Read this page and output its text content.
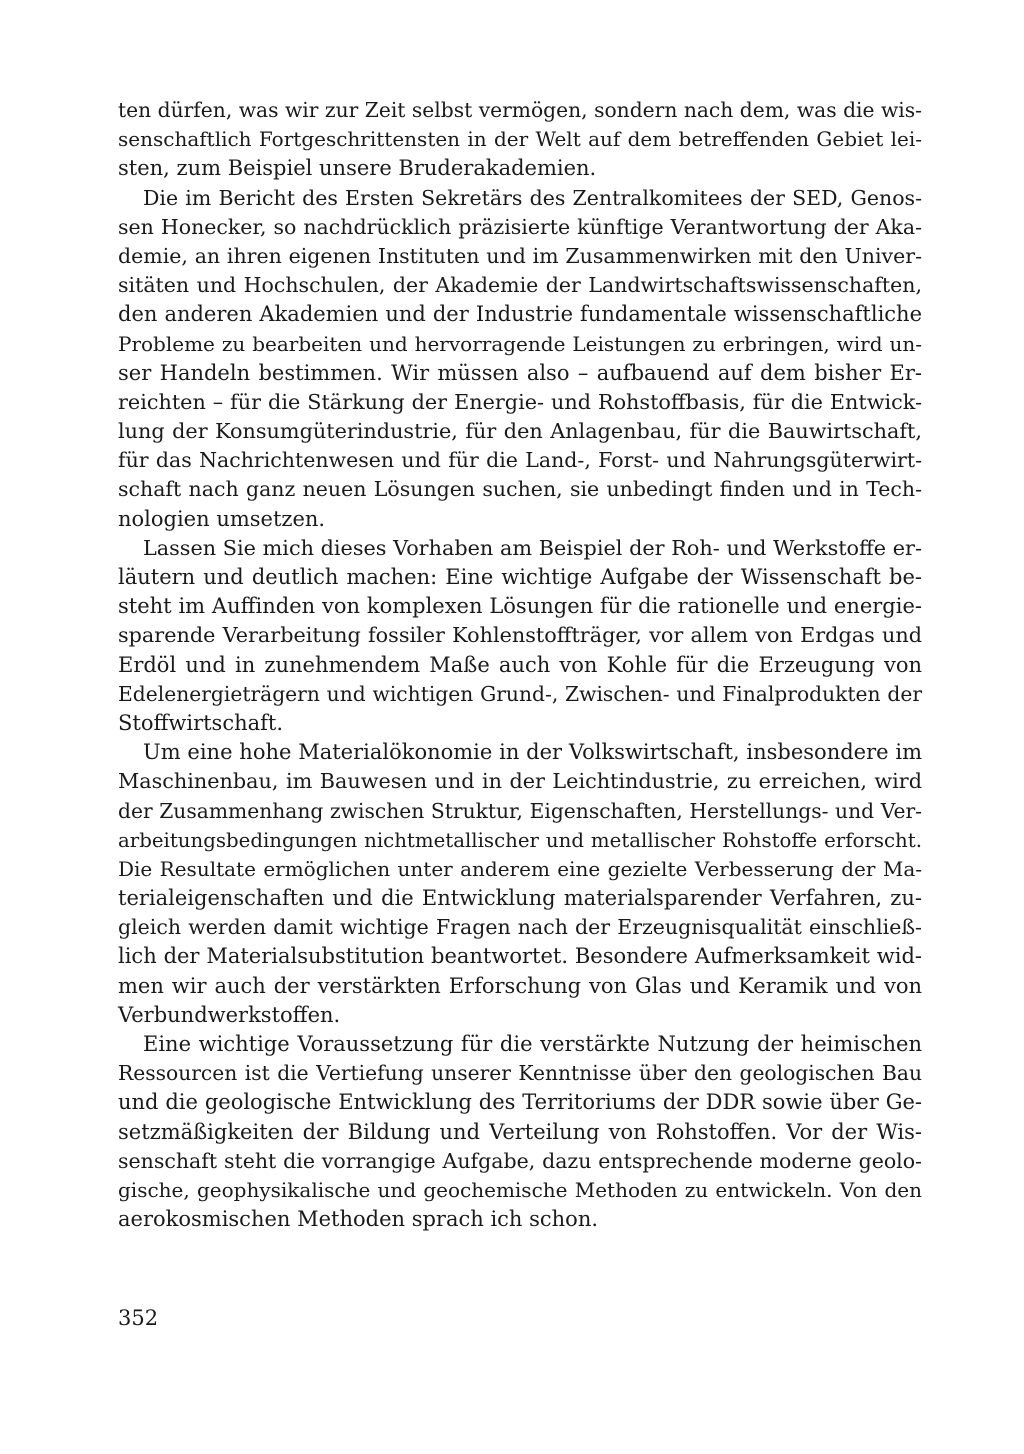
ten dürfen, was wir zur Zeit selbst vermögen, sondern nach dem, was die wis-
senschaftlich Fortgeschrittensten in der Welt auf dem betreffenden Gebiet lei-
sten, zum Beispiel unsere Bruderakademien.
Die im Bericht des Ersten Sekretärs des Zentralkomitees der SED, Genos-
sen Honecker, so nachdrücklich präzisierte künftige Verantwortung der Aka-
demie, an ihren eigenen Instituten und im Zusammenwirken mit den Univer-
sitäten und Hochschulen, der Akademie der Landwirtschaftswissenschaften,
den anderen Akademien und der Industrie fundamentale wissenschaftliche
Probleme zu bearbeiten und hervorragende Leistungen zu erbringen, wird un-
ser Handeln bestimmen. Wir müssen also – aufbauend auf dem bisher Er-
reichten – für die Stärkung der Energie- und Rohstoffbasis, für die Entwick-
lung der Konsumgüterindustrie, für den Anlagenbau, für die Bauwirtschaft,
für das Nachrichtenwesen und für die Land-, Forst- und Nahrungsgüterwirt-
schaft nach ganz neuen Lösungen suchen, sie unbedingt finden und in Tech-
nologien umsetzen.
Lassen Sie mich dieses Vorhaben am Beispiel der Roh- und Werkstoffe er-
läutern und deutlich machen: Eine wichtige Aufgabe der Wissenschaft be-
steht im Auffinden von komplexen Lösungen für die rationelle und energie-
sparende Verarbeitung fossiler Kohlenstoffträger, vor allem von Erdgas und
Erdöl und in zunehmendem Maße auch von Kohle für die Erzeugung von
Edelenergieträgern und wichtigen Grund-, Zwischen- und Finalprodukten der
Stoffwirtschaft.
Um eine hohe Materialökonomie in der Volkswirtschaft, insbesondere im
Maschinenbau, im Bauwesen und in der Leichtindustrie, zu erreichen, wird
der Zusammenhang zwischen Struktur, Eigenschaften, Herstellungs- und Ver-
arbeitungsbedingungen nichtmetallischer und metallischer Rohstoffe erforscht.
Die Resultate ermöglichen unter anderem eine gezielte Verbesserung der Ma-
terialeigenschaften und die Entwicklung materialsparender Verfahren, zu-
gleich werden damit wichtige Fragen nach der Erzeugnisqualität einschließ-
lich der Materialsubstitution beantwortet. Besondere Aufmerksamkeit wid-
men wir auch der verstärkten Erforschung von Glas und Keramik und von
Verbundwerkstoffen.
Eine wichtige Voraussetzung für die verstärkte Nutzung der heimischen
Ressourcen ist die Vertiefung unserer Kenntnisse über den geologischen Bau
und die geologische Entwicklung des Territoriums der DDR sowie über Ge-
setzmäßigkeiten der Bildung und Verteilung von Rohstoffen. Vor der Wis-
senschaft steht die vorrangige Aufgabe, dazu entsprechende moderne geolo-
gische, geophysikalische und geochemische Methoden zu entwickeln. Von den
aerokosmischen Methoden sprach ich schon.
352
